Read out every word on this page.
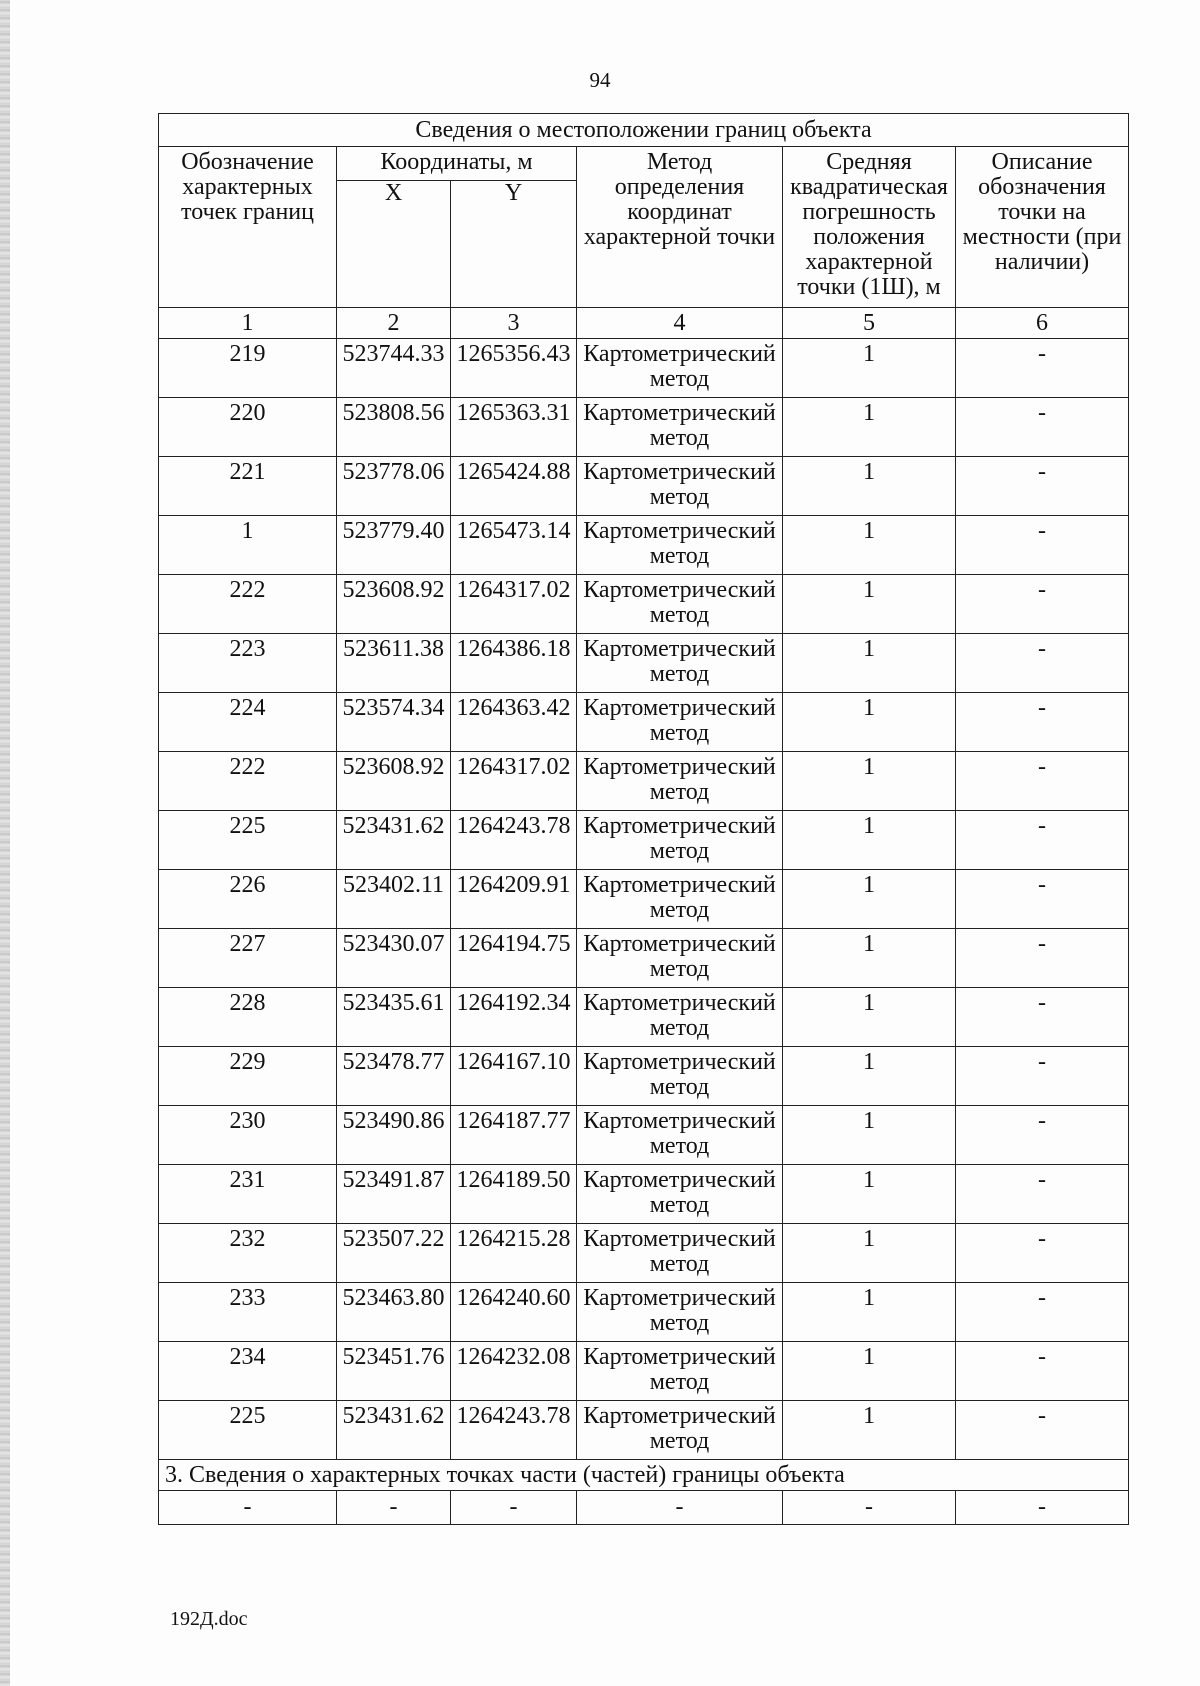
94
Сведения о местоположении границ объекта					
Обозначение характерных точек границ	Координаты, м		Метод определения координат характерной точки	Средняя квадратическая погрешность положения характерной точки (1Ш), м	Описание обозначения точки на местности (при наличии)
	X	Y			
1	2	3	4	5	6
219	523744.33	1265356.43	Картометрический метод	1	-
220	523808.56	1265363.31	Картометрический метод	1	-
221	523778.06	1265424.88	Картометрический метод	1	-
1	523779.40	1265473.14	Картометрический метод	1	-
222	523608.92	1264317.02	Картометрический метод	1	-
223	523611.38	1264386.18	Картометрический метод	1	-
224	523574.34	1264363.42	Картометрический метод	1	-
222	523608.92	1264317.02	Картометрический метод	1	-
225	523431.62	1264243.78	Картометрический метод	1	-
226	523402.11	1264209.91	Картометрический метод	1	-
227	523430.07	1264194.75	Картометрический метод	1	-
228	523435.61	1264192.34	Картометрический метод	1	-
229	523478.77	1264167.10	Картометрический метод	1	-
230	523490.86	1264187.77	Картометрический метод	1	-
231	523491.87	1264189.50	Картометрический метод	1	-
232	523507.22	1264215.28	Картометрический метод	1	-
233	523463.80	1264240.60	Картометрический метод	1	-
234	523451.76	1264232.08	Картометрический метод	1	-
225	523431.62	1264243.78	Картометрический метод	1	-
3. Сведения о характерных точках части (частей) границы объекта					
-	-	-	-	-	-
192Д.doc
